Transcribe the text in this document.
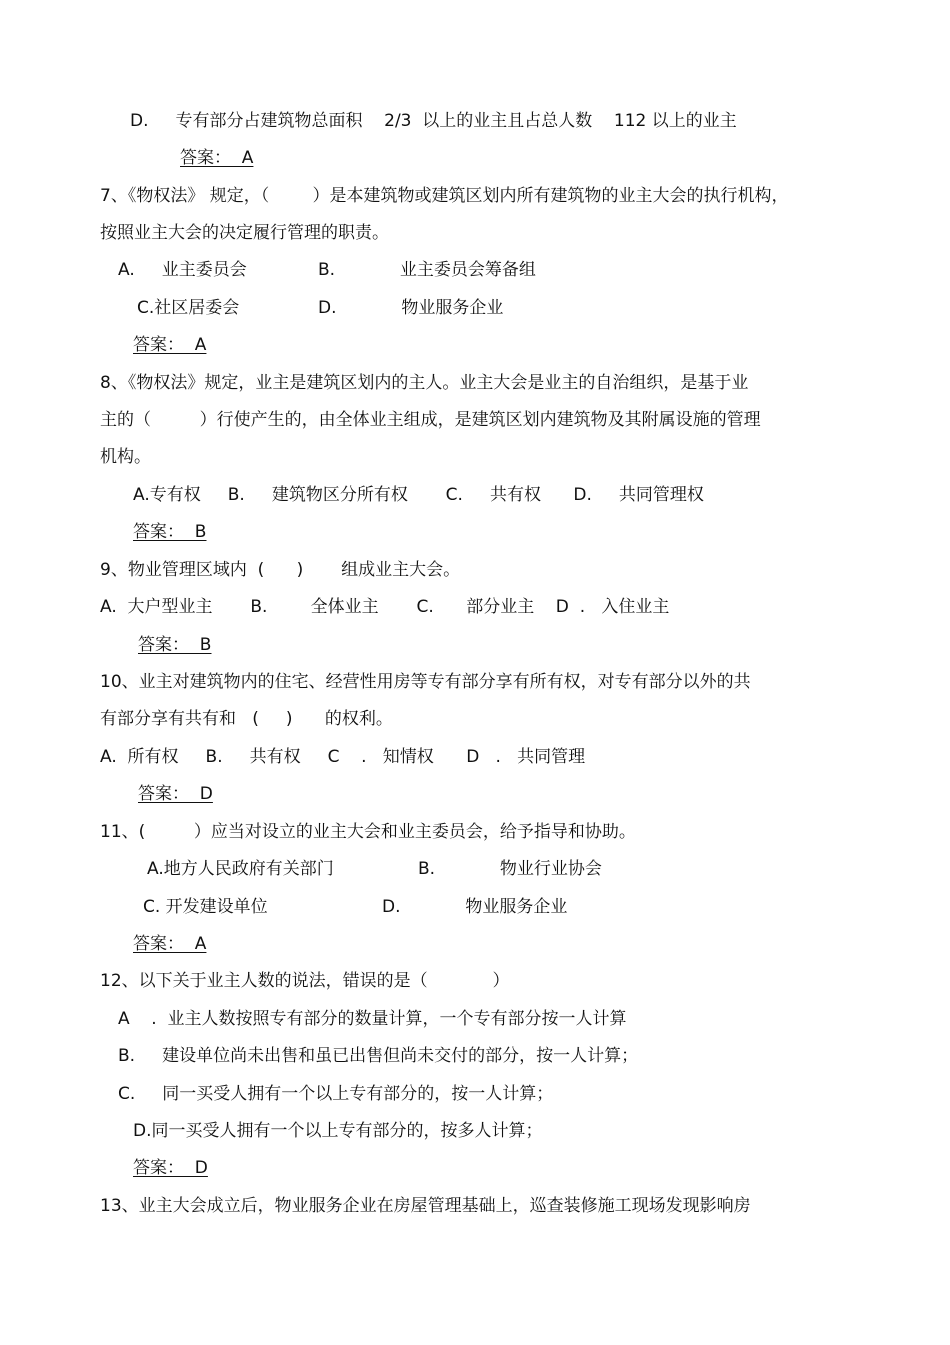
D.     专有部分占建筑物总面积    2/3  以上的业主且占总人数    112 以上的业主
答案：  A
7、《物权法》 规定，（        ）是本建筑物或建筑区划内所有建筑物的业主大会的执行机构，
按照业主大会的决定履行管理的职责。
A.     业主委员会	B.            业主委员会筹备组
C.社区居委会	D.            物业服务企业
答案：  A
8、《物权法》规定，业主是建筑区划内的主人。业主大会是业主的自治组织，是基于业
主的（         ）行使产生的，由全体业主组成，是建筑区划内建筑物及其附属设施的管理
机构。
A.专有权     B.     建筑物区分所有权       C.     共有权      D.     共同管理权
答案：  B
9、物业管理区域内  (      )       组成业主大会。
A.  大户型业主       B.        全体业主       C.      部分业主    D  .   入住业主
答案：  B
10、业主对建筑物内的住宅、经营性用房等专有部分享有所有权，对专有部分以外的共
有部分享有共有和   (     )      的权利。
A.  所有权     B.     共有权     C    .   知情权      D   .   共同管理
答案：  D
11、(         ）应当对设立的业主大会和业主委员会，给予指导和协助。
A.地方人民政府有关部门	B.            物业行业协会
C. 开发建设单位	D.            物业服务企业
答案：  A
12、以下关于业主人数的说法，错误的是（            ）
A    .  业主人数按照专有部分的数量计算，一个专有部分按一人计算
B.     建设单位尚未出售和虽已出售但尚未交付的部分，按一人计算；
C.     同一买受人拥有一个以上专有部分的，按一人计算；
D.同一买受人拥有一个以上专有部分的，按多人计算；
答案：  D
13、业主大会成立后，物业服务企业在房屋管理基础上，巡查装修施工现场发现影响房
